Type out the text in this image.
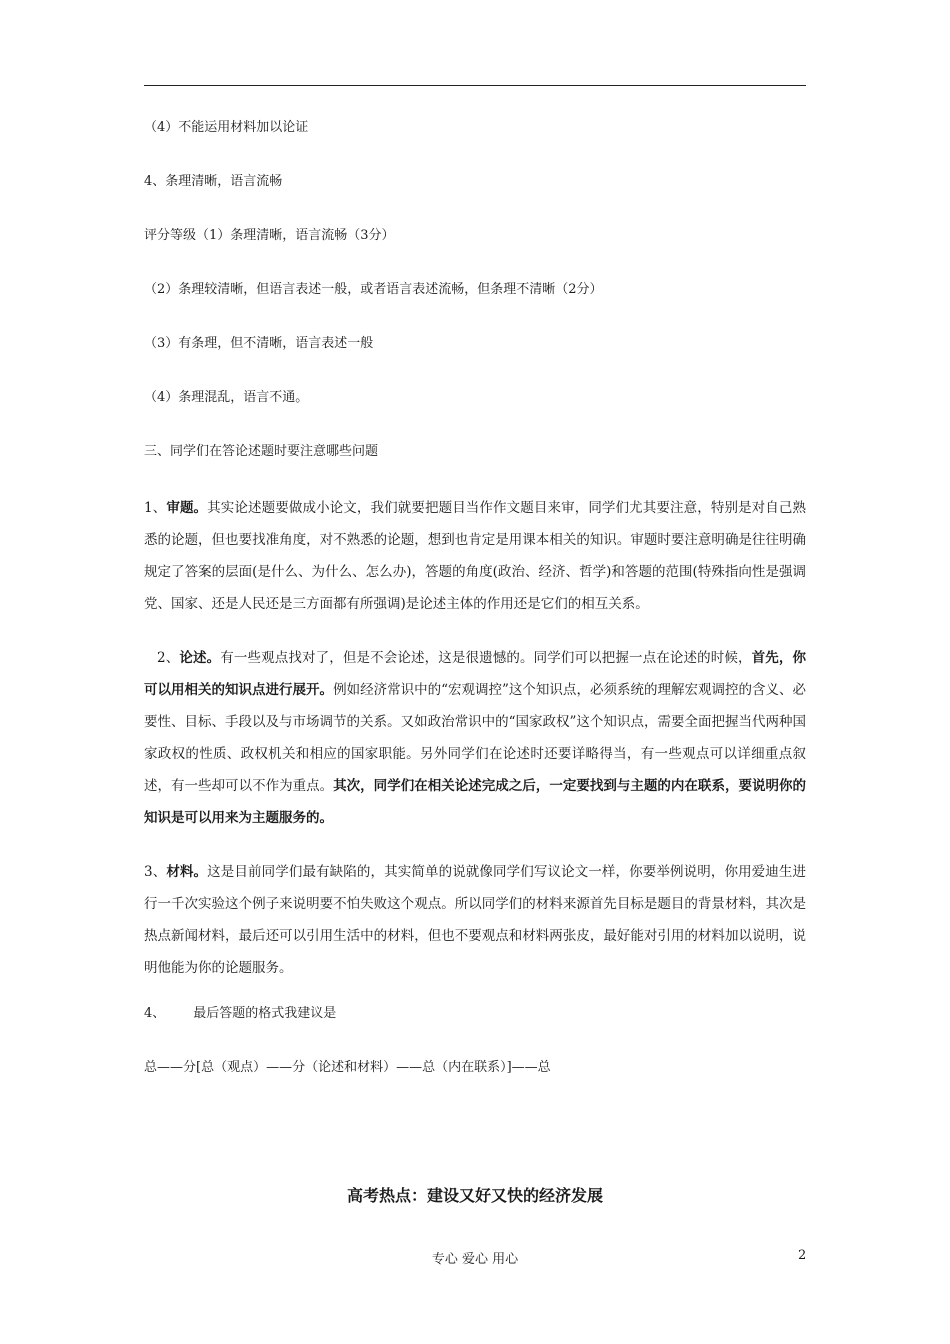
（4）不能运用材料加以论证

4、条理清晰，语言流畅

评分等级（1）条理清晰，语言流畅（3分）

（2）条理较清晰，但语言表述一般，或者语言表述流畅，但条理不清晰（2分）

（3）有条理，但不清晰，语言表述一般

（4）条理混乱，语言不通。

三、同学们在答论述题时要注意哪些问题

1、审题。其实论述题要做成小论文，我们就要把题目当作作文题目来审，同学们尤其要注意，特别是对自己熟悉的论题，但也要找准角度，对不熟悉的论题，想到也肯定是用课本相关的知识。审题时要注意明确是往往明确规定了答案的层面(是什么、为什么、怎么办)，答题的角度(政治、经济、哲学)和答题的范围(特殊指向性是强调党、国家、还是人民还是三方面都有所强调)是论述主体的作用还是它们的相互关系。

2、论述。有一些观点找对了，但是不会论述，这是很遗憾的。同学们可以把握一点在论述的时候，首先，你可以用相关的知识点进行展开。例如经济常识中的“宏观调控”这个知识点，必须系统的理解宏观调控的含义、必要性、目标、手段以及与市场调节的关系。又如政治常识中的“国家政权”这个知识点，需要全面把握当代两种国家政权的性质、政权机关和相应的国家职能。另外同学们在论述时还要详略得当，有一些观点可以详细重点叙述，有一些却可以不作为重点。其次，同学们在相关论述完成之后，一定要找到与主题的内在联系，要说明你的知识是可以用来为主题服务的。

3、材料。这是目前同学们最有缺陷的，其实简单的说就像同学们写议论文一样，你要举例说明，你用爱迪生进行一千次实验这个例子来说明要不怕失败这个观点。所以同学们的材料来源首先目标是题目的背景材料，其次是热点新闻材料，最后还可以引用生活中的材料，但也不要观点和材料两张皮，最好能对引用的材料加以说明，说明他能为你的论题服务。

4、 最后答题的格式我建议是

总——分[总（观点）——分（论述和材料）——总（内在联系）]——总

高考热点：建设又好又快的经济发展
专心 爱心 用心	2
